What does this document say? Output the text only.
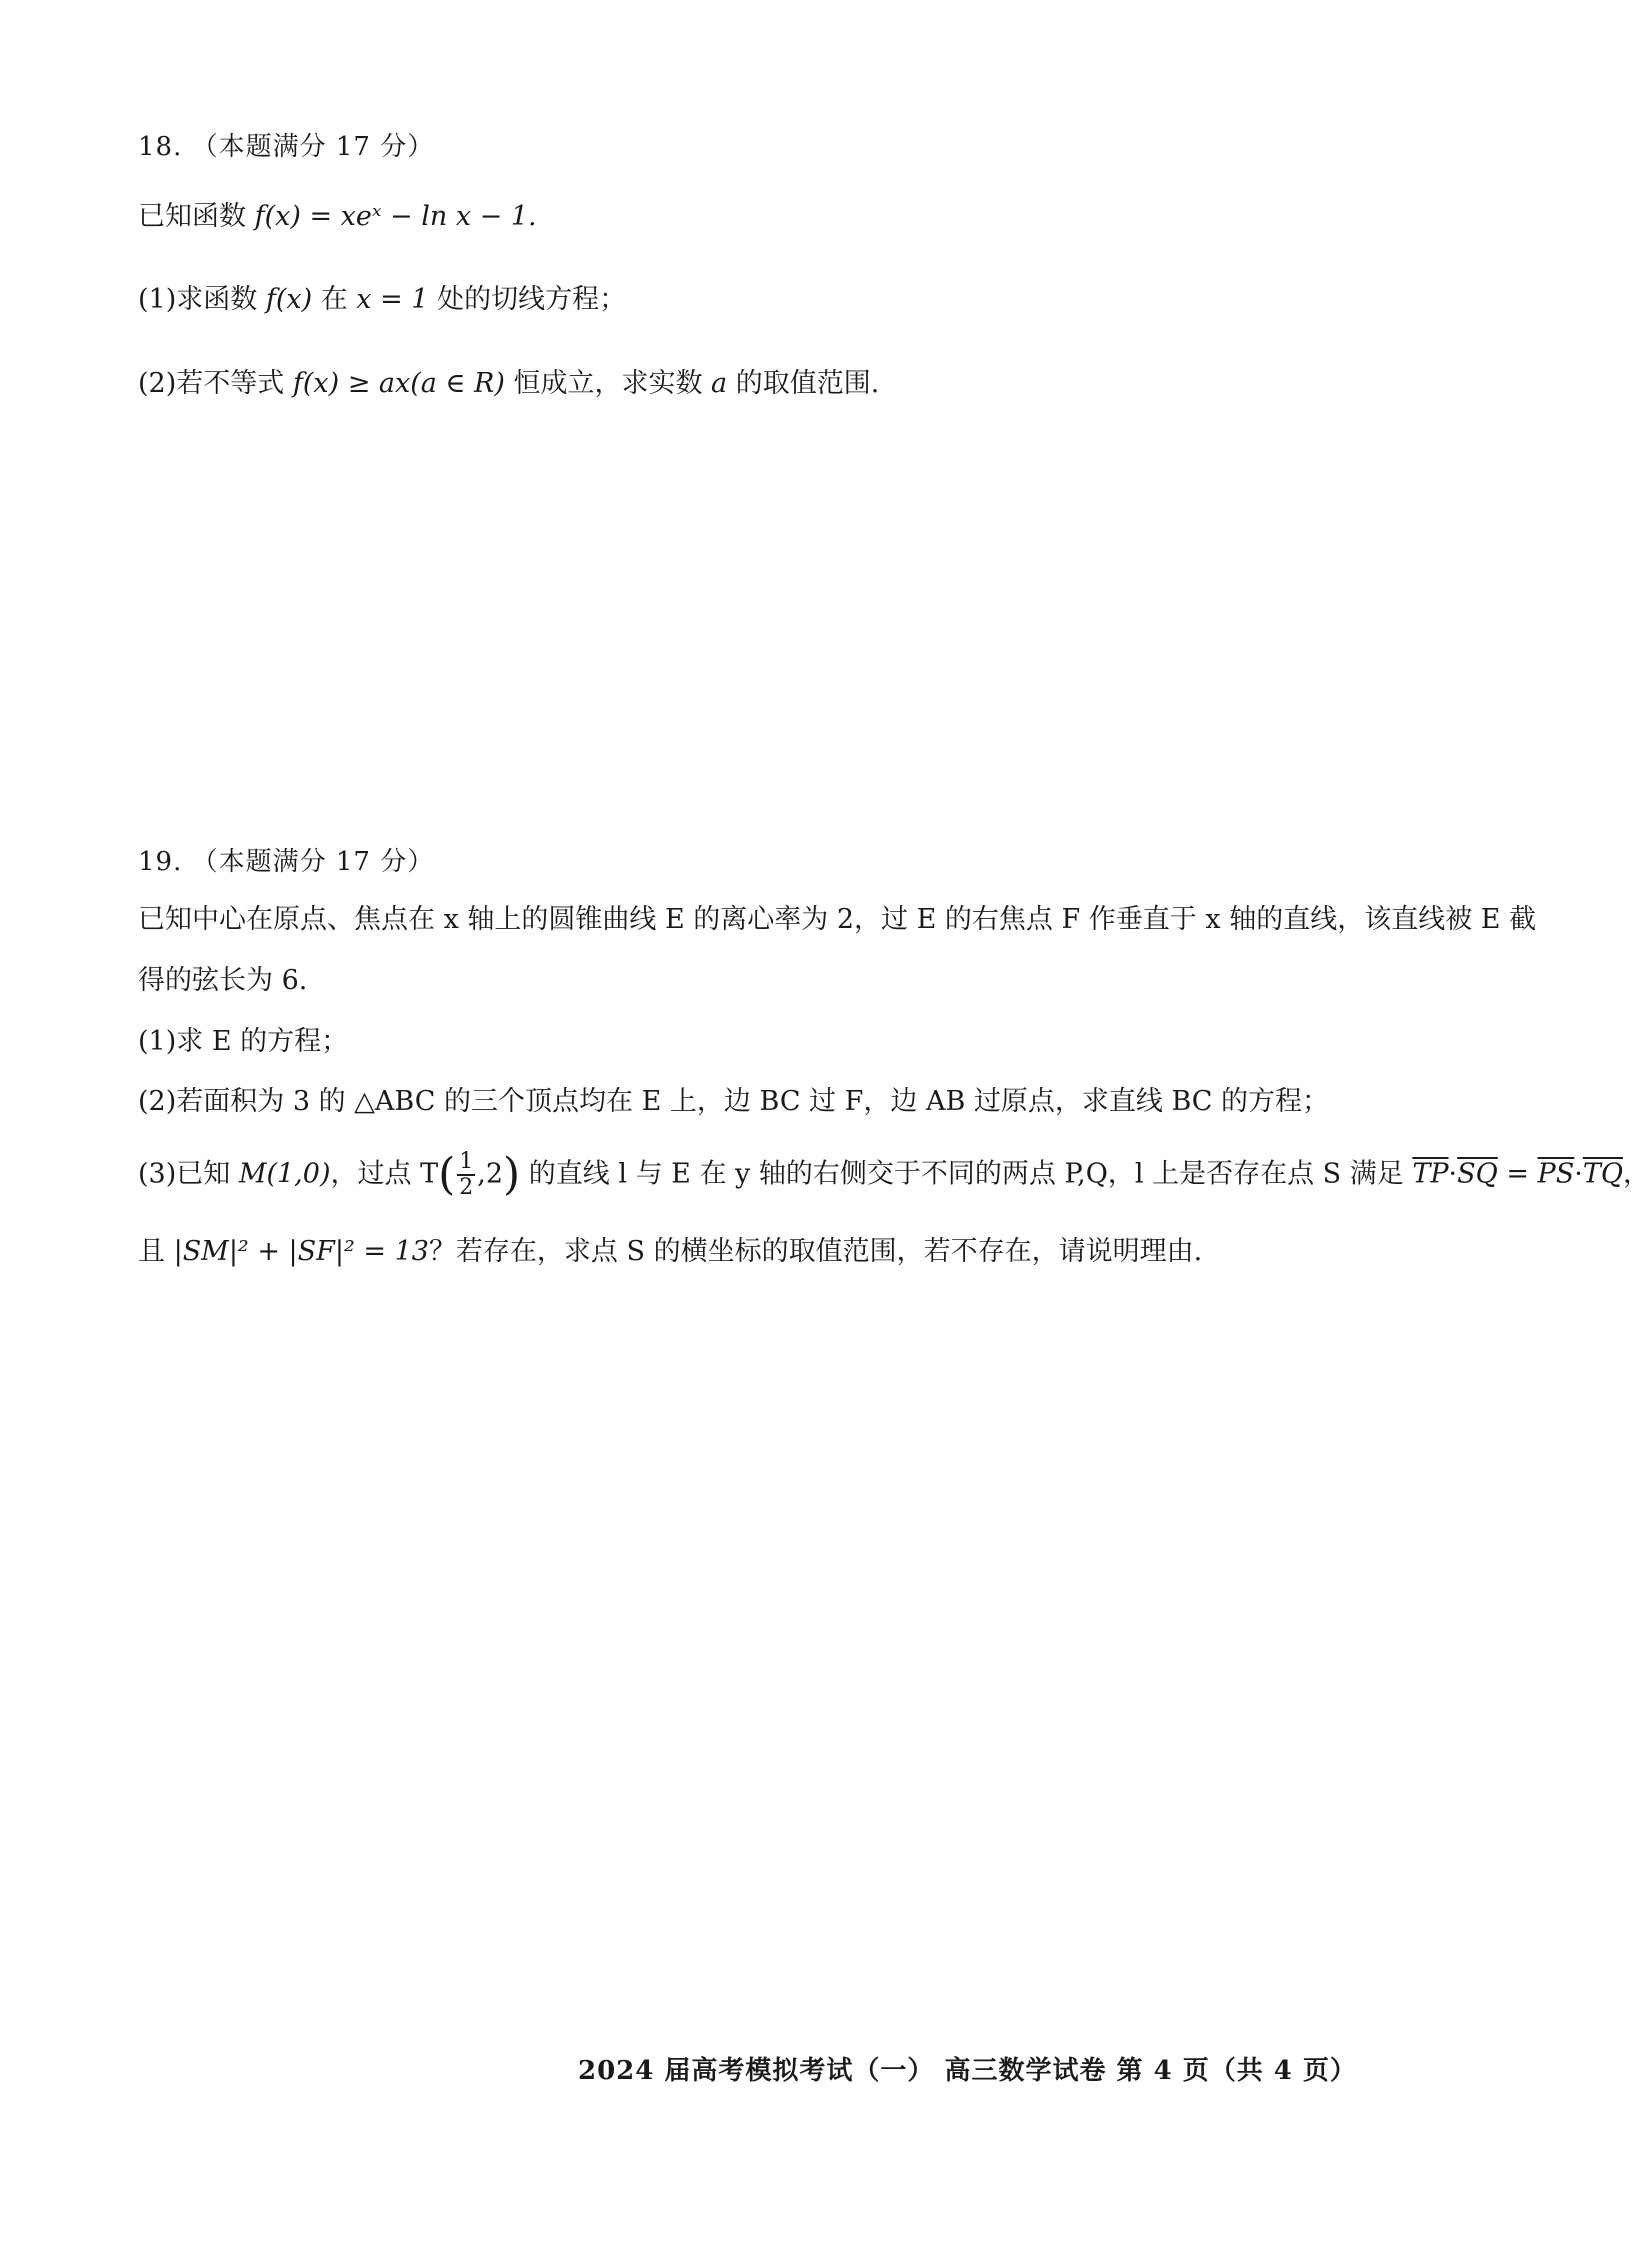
18. （本题满分 17 分）
已知函数 f(x) = xeˣ − ln x − 1.
(1)求函数 f(x) 在 x = 1 处的切线方程；
(2)若不等式 f(x) ≥ ax(a ∈ R) 恒成立，求实数 a 的取值范围.
19. （本题满分 17 分）
已知中心在原点、焦点在 x 轴上的圆锥曲线 E 的离心率为 2，过 E 的右焦点 F 作垂直于 x 轴的直线，该直线被 E 截
得的弦长为 6.
(1)求 E 的方程；
(2)若面积为 3 的 △ABC 的三个顶点均在 E 上，边 BC 过 F，边 AB 过原点，求直线 BC 的方程；
(3)已知 M(1,0)，过点 $T( \frac{1}{2} ,2)$ 的直线 l 与 E 在 y 轴的右侧交于不同的两点 P,Q，l 上是否存在点 S 满足 $\overline{TP}\cdot\overline{SQ} = \overline{PS}\cdot\overline{TQ}$，
且 |SM|² + |SF|² = 13？若存在，求点 S 的横坐标的取值范围，若不存在，请说明理由.
2024 届高考模拟考试（一） 高三数学试卷 第 4 页（共 4 页）
